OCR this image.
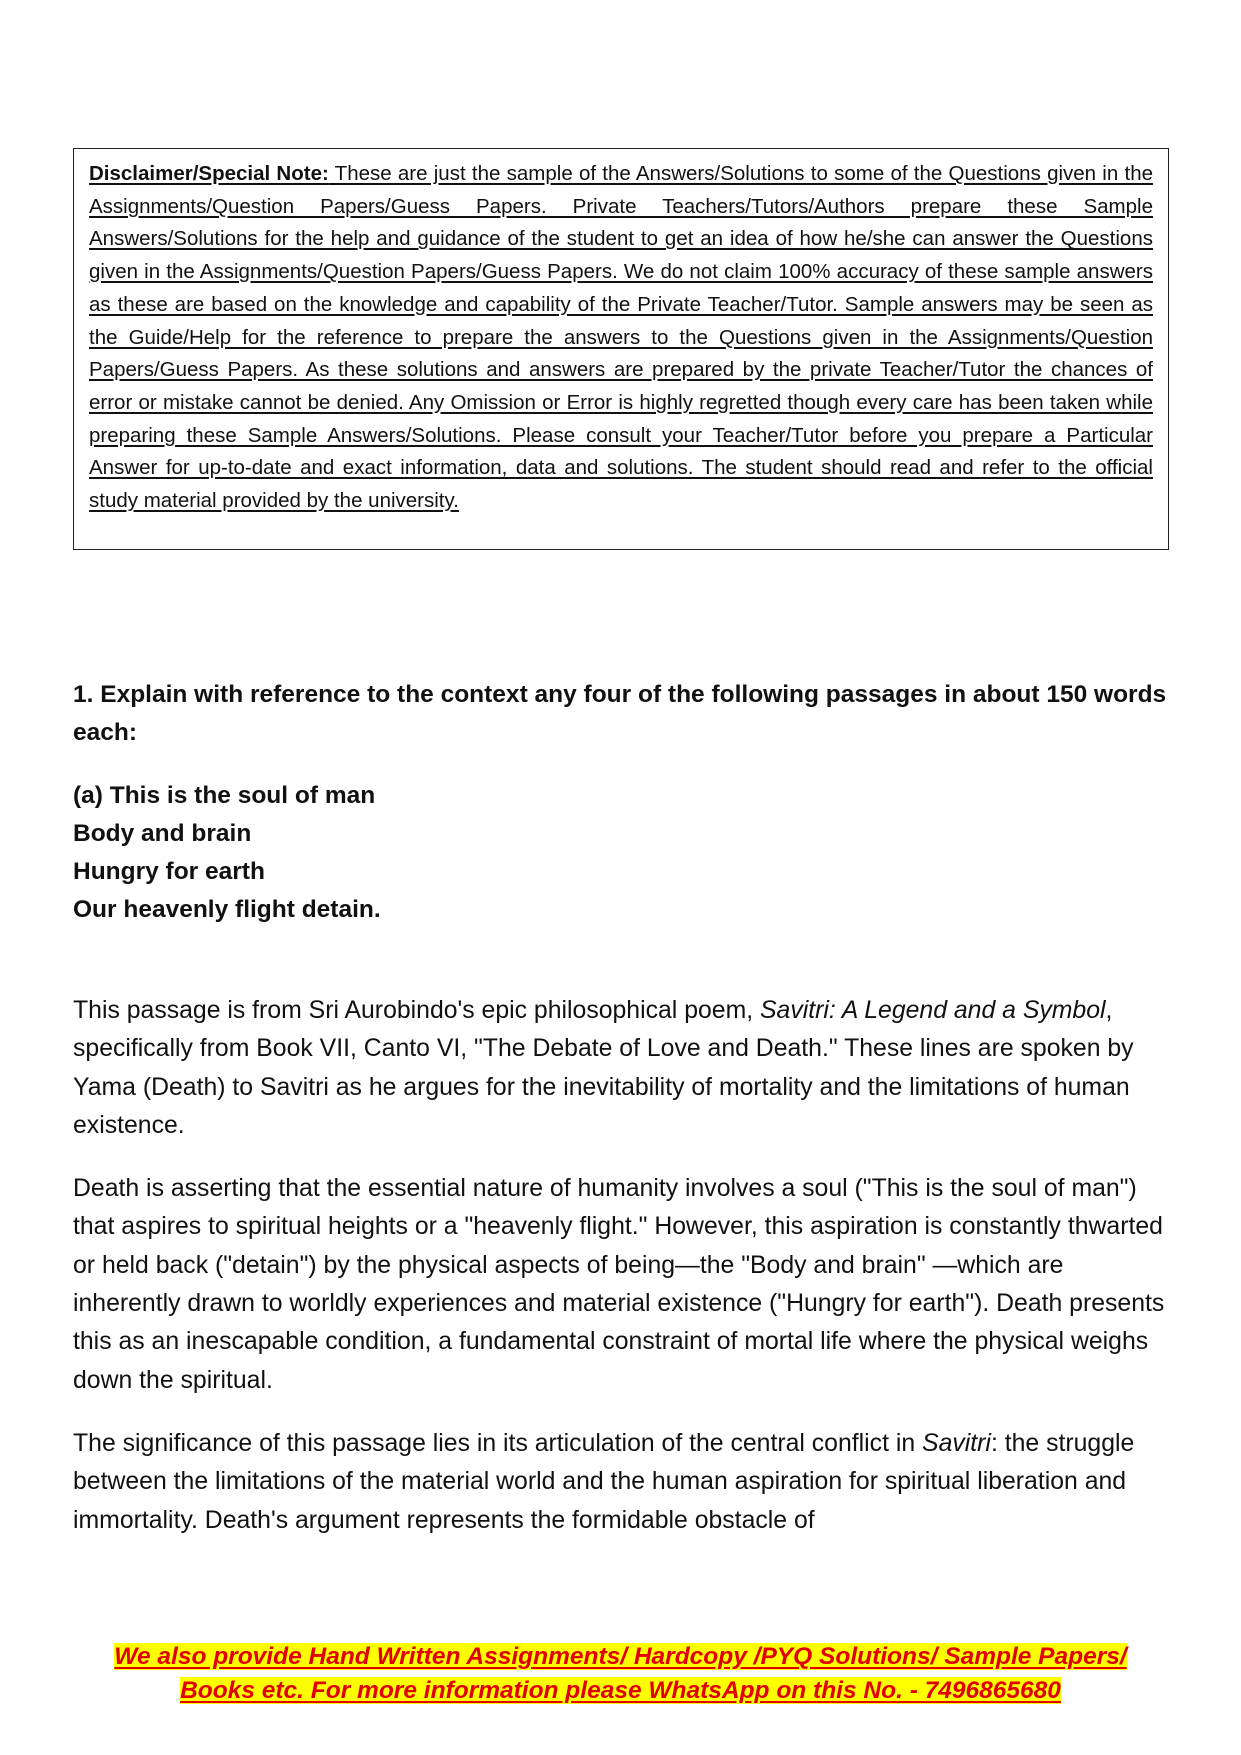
Disclaimer/Special Note: These are just the sample of the Answers/Solutions to some of the Questions given in the Assignments/Question Papers/Guess Papers. Private Teachers/Tutors/Authors prepare these Sample Answers/Solutions for the help and guidance of the student to get an idea of how he/she can answer the Questions given in the Assignments/Question Papers/Guess Papers. We do not claim 100% accuracy of these sample answers as these are based on the knowledge and capability of the Private Teacher/Tutor. Sample answers may be seen as the Guide/Help for the reference to prepare the answers to the Questions given in the Assignments/Question Papers/Guess Papers. As these solutions and answers are prepared by the private Teacher/Tutor the chances of error or mistake cannot be denied. Any Omission or Error is highly regretted though every care has been taken while preparing these Sample Answers/Solutions. Please consult your Teacher/Tutor before you prepare a Particular Answer for up-to-date and exact information, data and solutions. The student should read and refer to the official study material provided by the university.

1. Explain with reference to the context any four of the following passages in about 150 words each:

(a) This is the soul of man
Body and brain
Hungry for earth
Our heavenly flight detain.

This passage is from Sri Aurobindo's epic philosophical poem, Savitri: A Legend and a Symbol, specifically from Book VII, Canto VI, "The Debate of Love and Death." These lines are spoken by Yama (Death) to Savitri as he argues for the inevitability of mortality and the limitations of human existence.

Death is asserting that the essential nature of humanity involves a soul ("This is the soul of man") that aspires to spiritual heights or a "heavenly flight." However, this aspiration is constantly thwarted or held back ("detain") by the physical aspects of being—the "Body and brain" —which are inherently drawn to worldly experiences and material existence ("Hungry for earth"). Death presents this as an inescapable condition, a fundamental constraint of mortal life where the physical weighs down the spiritual.

The significance of this passage lies in its articulation of the central conflict in Savitri: the struggle between the limitations of the material world and the human aspiration for spiritual liberation and immortality. Death's argument represents the formidable obstacle of

We also provide Hand Written Assignments/ Hardcopy /PYQ Solutions/ Sample Papers/
Books etc. For more information please WhatsApp on this No. - 7496865680
